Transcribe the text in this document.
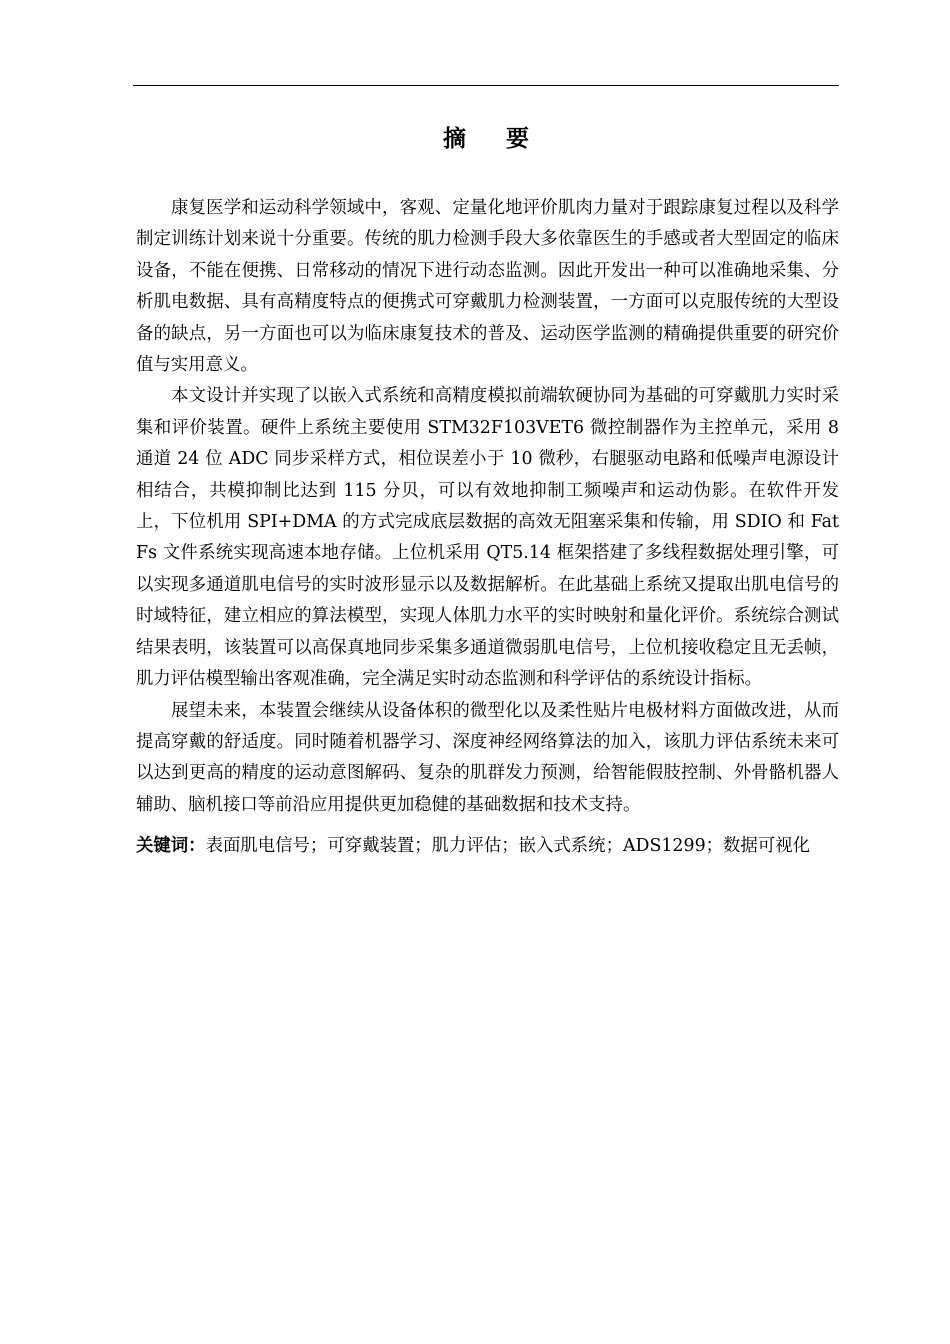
摘 要

康复医学和运动科学领域中，客观、定量化地评价肌肉力量对于跟踪康复过程以及科学制定训练计划来说十分重要。传统的肌力检测手段大多依靠医生的手感或者大型固定的临床设备，不能在便携、日常移动的情况下进行动态监测。因此开发出一种可以准确地采集、分析肌电数据、具有高精度特点的便携式可穿戴肌力检测装置，一方面可以克服传统的大型设备的缺点，另一方面也可以为临床康复技术的普及、运动医学监测的精确提供重要的研究价值与实用意义。

本文设计并实现了以嵌入式系统和高精度模拟前端软硬协同为基础的可穿戴肌力实时采集和评价装置。硬件上系统主要使用 STM32F103VET6 微控制器作为主控单元，采用 8 通道 24 位 ADC 同步采样方式，相位误差小于 10 微秒，右腿驱动电路和低噪声电源设计相结合，共模抑制比达到 115 分贝，可以有效地抑制工频噪声和运动伪影。在软件开发上，下位机用 SPI+DMA 的方式完成底层数据的高效无阻塞采集和传输，用 SDIO 和 FatFs 文件系统实现高速本地存储。上位机采用 QT5.14 框架搭建了多线程数据处理引擎，可以实现多通道肌电信号的实时波形显示以及数据解析。在此基础上系统又提取出肌电信号的时域特征，建立相应的算法模型，实现人体肌力水平的实时映射和量化评价。系统综合测试结果表明，该装置可以高保真地同步采集多通道微弱肌电信号，上位机接收稳定且无丢帧，肌力评估模型输出客观准确，完全满足实时动态监测和科学评估的系统设计指标。

展望未来，本装置会继续从设备体积的微型化以及柔性贴片电极材料方面做改进，从而提高穿戴的舒适度。同时随着机器学习、深度神经网络算法的加入，该肌力评估系统未来可以达到更高的精度的运动意图解码、复杂的肌群发力预测，给智能假肢控制、外骨骼机器人辅助、脑机接口等前沿应用提供更加稳健的基础数据和技术支持。

关键词：表面肌电信号；可穿戴装置；肌力评估；嵌入式系统；ADS1299；数据可视化
